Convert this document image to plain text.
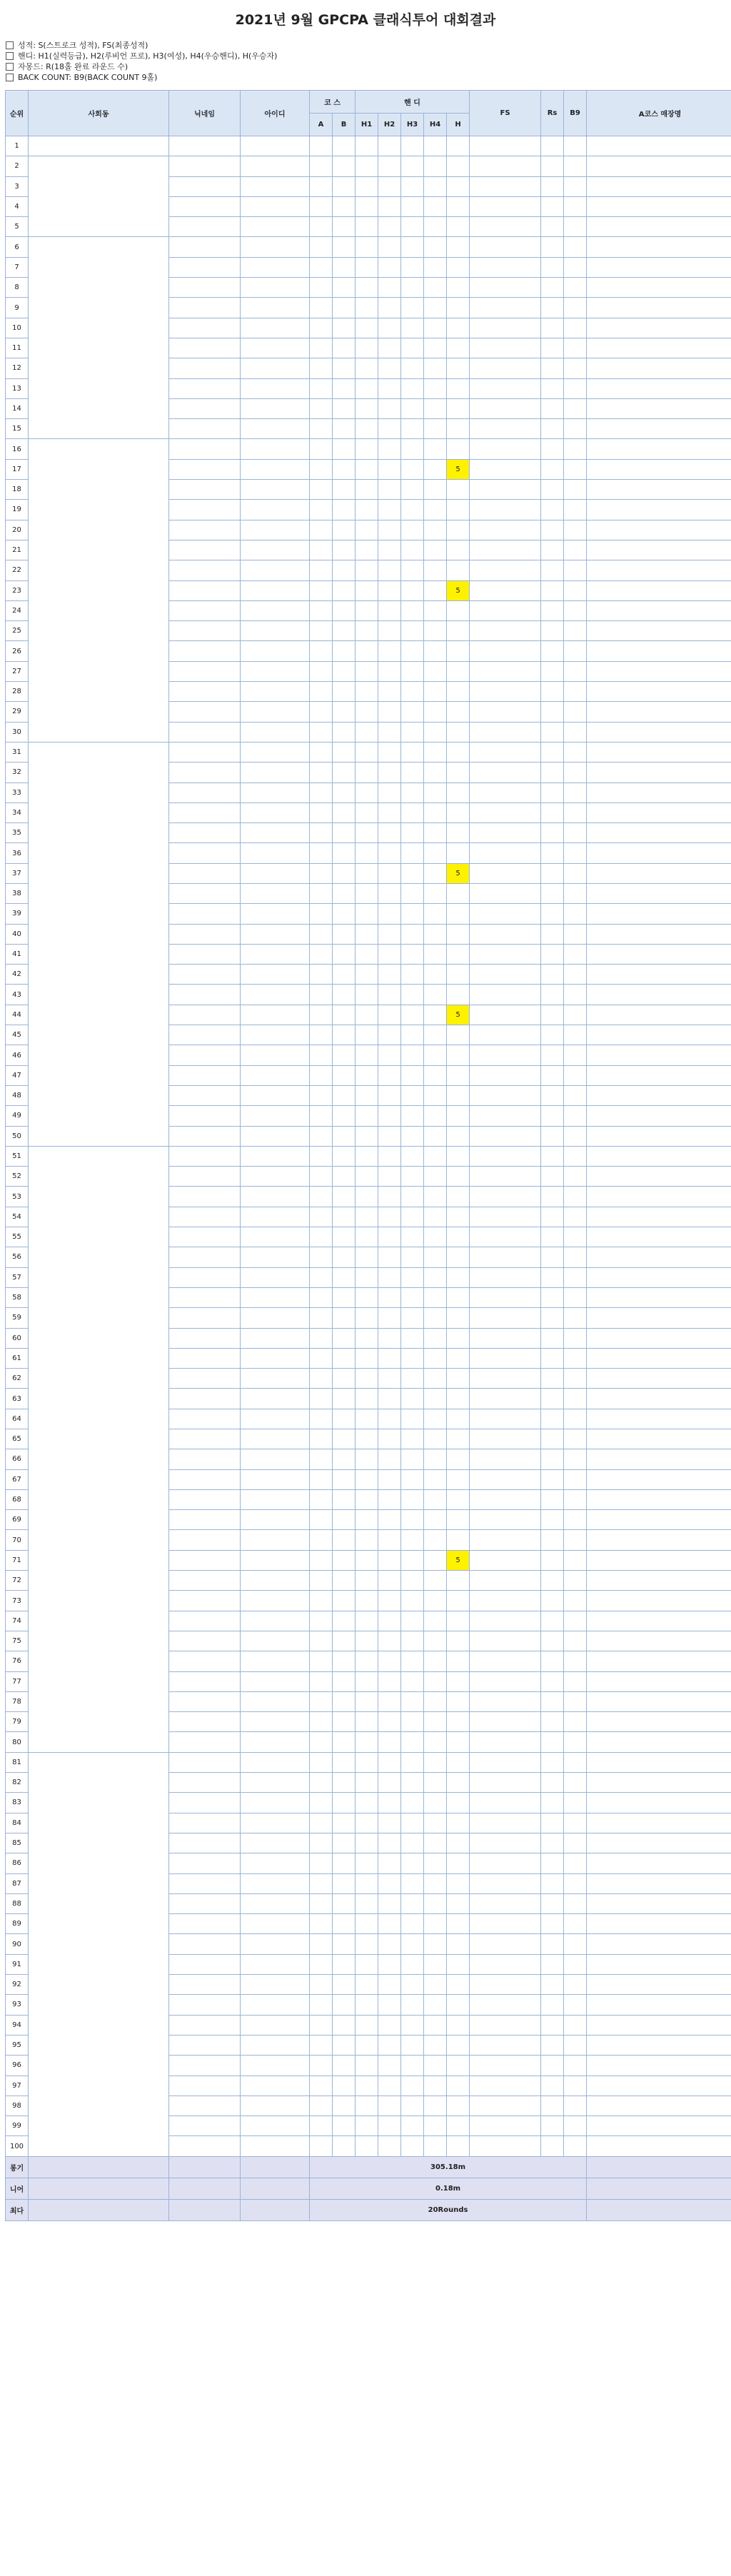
2021년 9월 GPCPA 클래식투어 대회결과
성적: S(스트로크 성적), FS(최종성적)
핸디: H1(실력등급), H2(루비언 프로), H3(여성), H4(우승핸디), H(우승자)
자몽드: R(18홀 완료 라운드 수)
BACK COUNT: B9(BACK COUNT 9홀)
순위	사회동	닉네임	아이디	코 스		핸 디					FS	Rs	B9	A코스 매장명
				A	B	H1	H2	H3	H4	H				
1														
2														
3														
4														
5														
6														
7														
8														
9														
10														
11														
12														
13														
14														
15														
16														
17										5				
18														
19														
20														
21														
22														
23										5				
24														
25														
26														
27														
28														
29														
30														
31														
32														
33														
34														
35														
36														
37										5				
38														
39														
40														
41														
42														
43														
44										5				
45														
46														
47														
48														
49														
50														
51														
52														
53														
54														
55														
56														
57														
58														
59														
60														
61														
62														
63														
64														
65														
66														
67														
68														
69														
70														
71										5				
72														
73														
74														
75														
76														
77														
78														
79														
80														
81														
82														
83														
84														
85														
86														
87														
88														
89														
90														
91														
92														
93														
94														
95														
96														
97														
98														
99														
100														
롱기				305.18m										
니어				0.18m										
최다				20Rounds										
